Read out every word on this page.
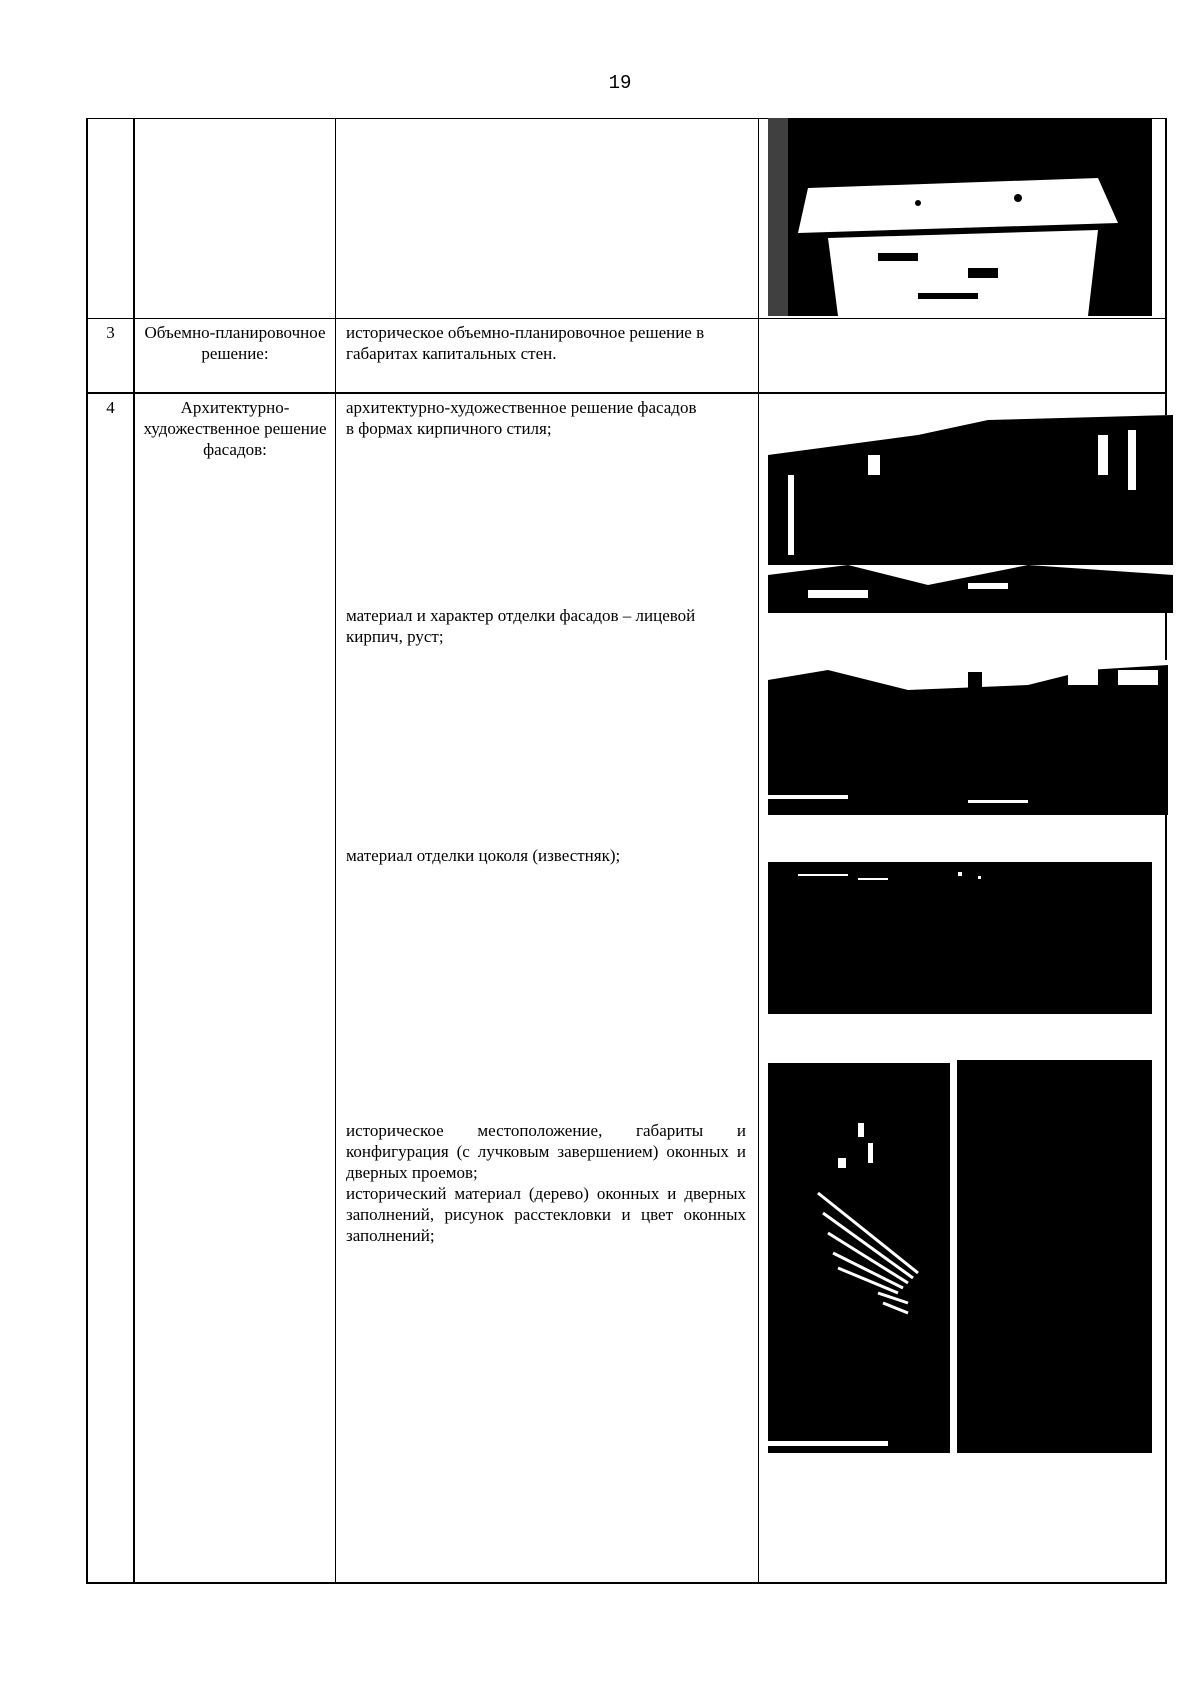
19
3	Объемно-планировочное решение:
историческое объемно-планировочное решение в габаритах капитальных стен.
4	Архитектурно-художественное решение фасадов:
архитектурно-художественное решение фасадов в формах кирпичного стиля;
материал и характер отделки фасадов – лицевой кирпич, руст;
материал отделки цоколя (известняк);
историческое местоположение, габариты и конфигурация (с лучковым завершением) оконных и дверных проемов;
исторический материал (дерево) оконных и дверных заполнений, рисунок расстекловки и цвет оконных заполнений;
